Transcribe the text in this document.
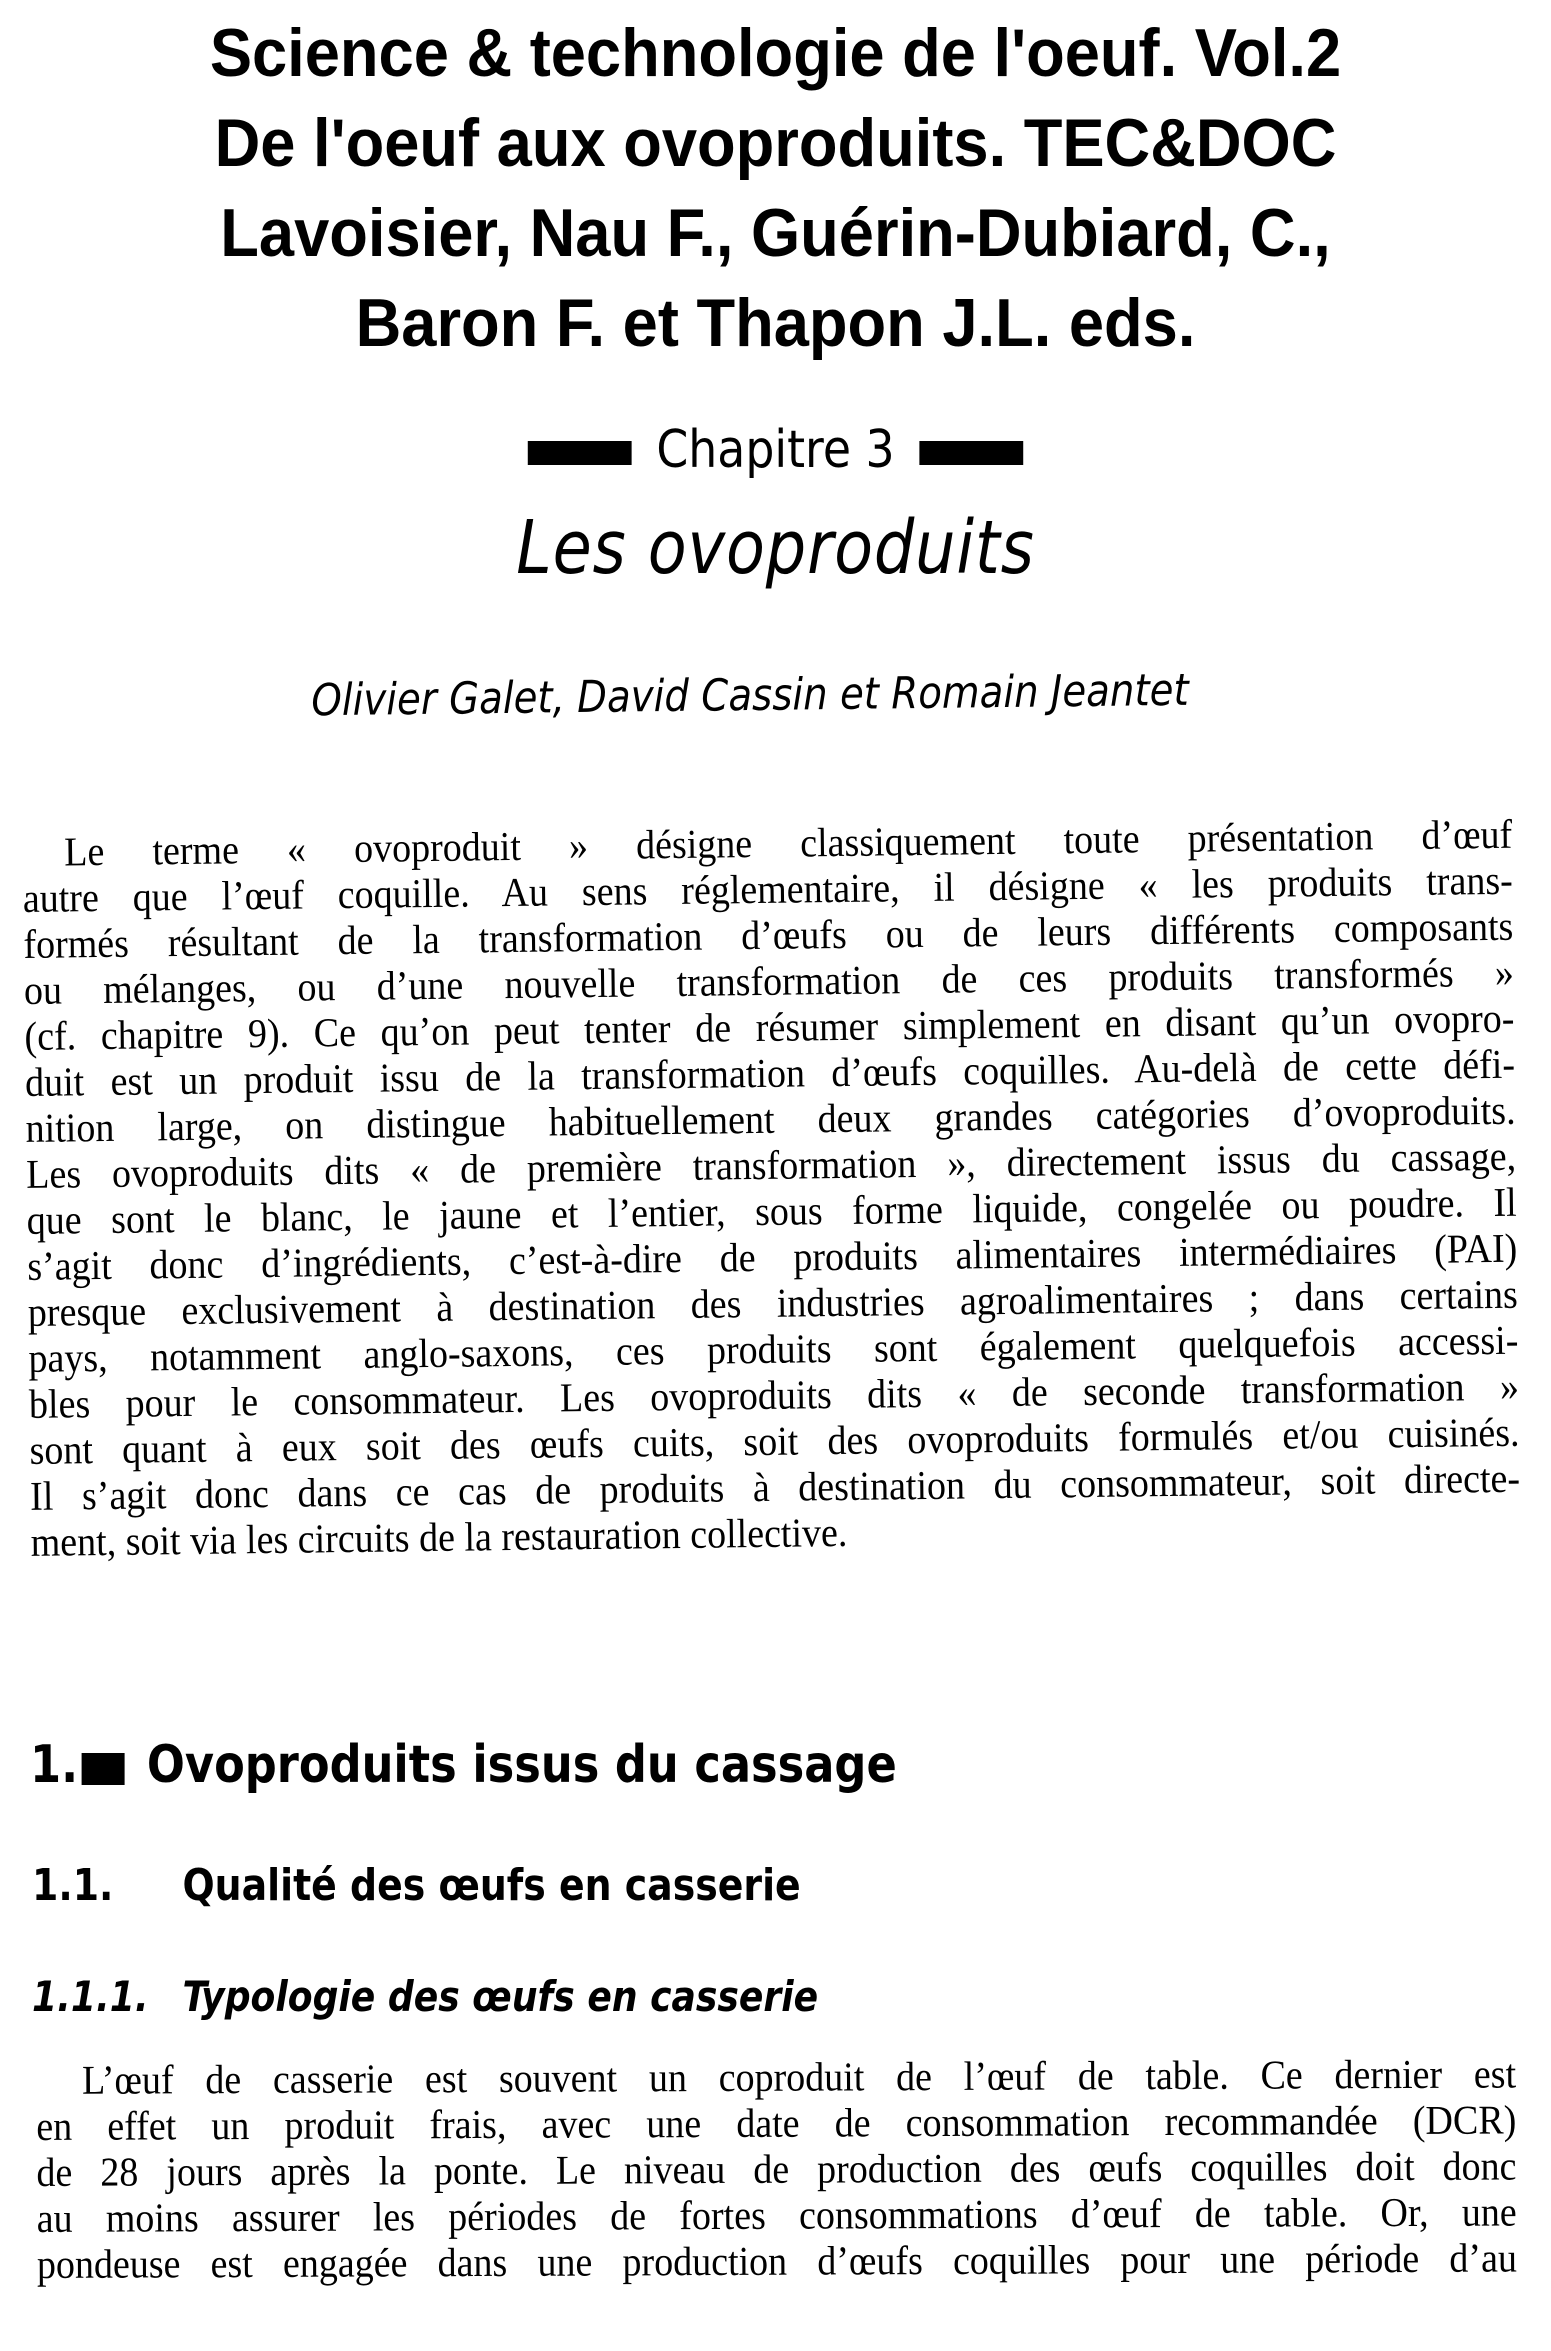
Science & technologie de l'oeuf. Vol.2
De l'oeuf aux ovoproduits. TEC&DOC
Lavoisier, Nau F., Guérin-Dubiard, C.,
Baron F. et Thapon J.L. eds.
Chapitre 3
Les ovoproduits
Olivier Galet, David Cassin et Romain Jeantet
Le terme « ovoproduit » désigne classiquement toute présentation d’œuf
autre que l’œuf coquille. Au sens réglementaire, il désigne « les produits trans-
formés résultant de la transformation d’œufs ou de leurs différents composants
ou mélanges, ou d’une nouvelle transformation de ces produits transformés »
(cf. chapitre 9). Ce qu’on peut tenter de résumer simplement en disant qu’un ovopro-
duit est un produit issu de la transformation d’œufs coquilles. Au-delà de cette défi-
nition large, on distingue habituellement deux grandes catégories d’ovoproduits.
Les ovoproduits dits « de première transformation », directement issus du cassage,
que sont le blanc, le jaune et l’entier, sous forme liquide, congelée ou poudre. Il
s’agit donc d’ingrédients, c’est-à-dire de produits alimentaires intermédiaires (PAI)
presque exclusivement à destination des industries agroalimentaires ; dans certains
pays, notamment anglo-saxons, ces produits sont également quelquefois accessi-
bles pour le consommateur. Les ovoproduits dits « de seconde transformation »
sont quant à eux soit des œufs cuits, soit des ovoproduits formulés et/ou cuisinés.
Il s’agit donc dans ce cas de produits à destination du consommateur, soit directe-
ment, soit via les circuits de la restauration collective.
1. Ovoproduits issus du cassage
1.1. Qualité des œufs en casserie
1.1.1. Typologie des œufs en casserie
L’œuf de casserie est souvent un coproduit de l’œuf de table. Ce dernier est
en effet un produit frais, avec une date de consommation recommandée (DCR)
de 28 jours après la ponte. Le niveau de production des œufs coquilles doit donc
au moins assurer les périodes de fortes consommations d’œuf de table. Or, une
pondeuse est engagée dans une production d’œufs coquilles pour une période d’au
